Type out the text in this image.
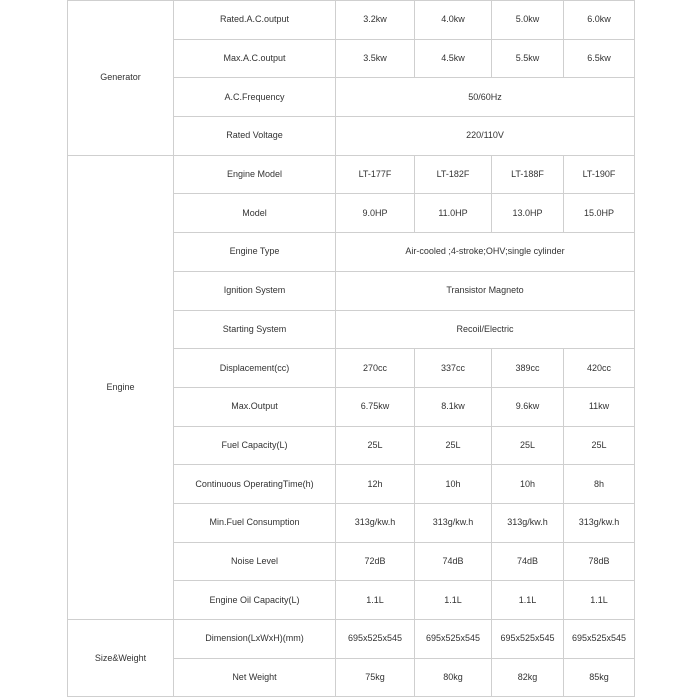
Generator	Rated.A.C.output	3.2kw	4.0kw	5.0kw	6.0kw
	Max.A.C.output	3.5kw	4.5kw	5.5kw	6.5kw
	A.C.Frequency	50/60Hz			
	Rated Voltage	220/110V			
Engine	Engine Model	LT-177F	LT-182F	LT-188F	LT-190F
	Model	9.0HP	11.0HP	13.0HP	15.0HP
	Engine Type	Air-cooled ;4-stroke;OHV;single cylinder			
	Ignition System	Transistor Magneto			
	Starting System	Recoil/Electric			
	Displacement(cc)	270cc	337cc	389cc	420cc
	Max.Output	6.75kw	8.1kw	9.6kw	11kw
	Fuel Capacity(L)	25L	25L	25L	25L
	Continuous OperatingTime(h)	12h	10h	10h	8h
	Min.Fuel Consumption	313g/kw.h	313g/kw.h	313g/kw.h	313g/kw.h
	Noise Level	72dB	74dB	74dB	78dB
	Engine Oil Capacity(L)	1.1L	1.1L	1.1L	1.1L
Size&Weight	Dimension(LxWxH)(mm)	695x525x545	695x525x545	695x525x545	695x525x545
	Net Weight	75kg	80kg	82kg	85kg
